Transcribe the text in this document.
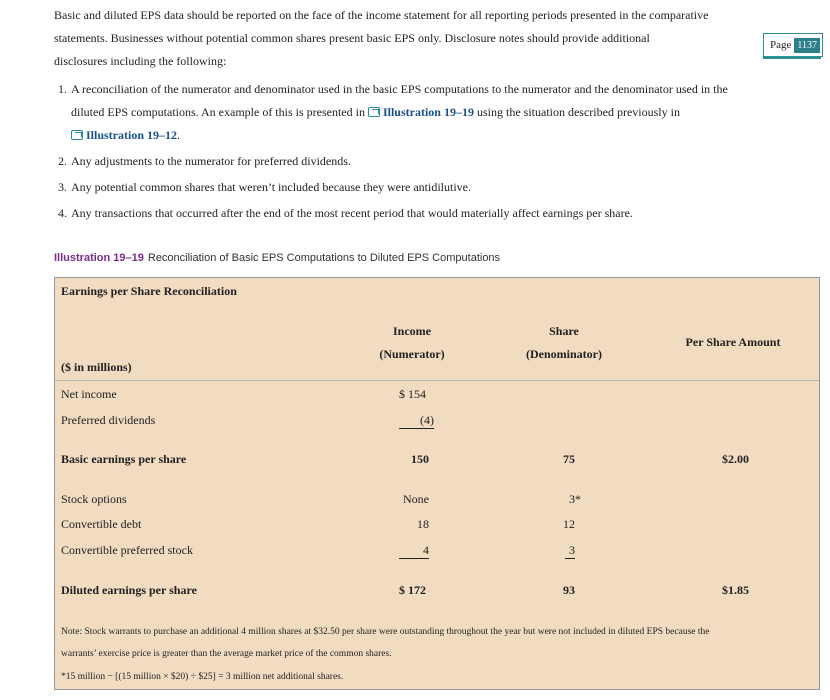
Basic and diluted EPS data should be reported on the face of the income statement for all reporting periods presented in the comparative
statements. Businesses without potential common shares present basic EPS only. Disclosure notes should provide additional
disclosures including the following:
Page 1137
1. A reconciliation of the numerator and denominator used in the basic EPS computations to the numerator and the denominator used in the
diluted EPS computations. An example of this is presented in Illustration 19–19 using the situation described previously in
Illustration 19–12.
2. Any adjustments to the numerator for preferred dividends.
3. Any potential common shares that weren’t included because they were antidilutive.
4. Any transactions that occurred after the end of the most recent period that would materially affect earnings per share.
Illustration 19–19 Reconciliation of Basic EPS Computations to Diluted EPS Computations
Earnings per Share Reconciliation
Income
(Numerator)
Share
(Denominator)
Per Share Amount
($ in millions)
Net income	$ 154
Preferred dividends	(4)
Basic earnings per share	150	75	$2.00
Stock options	None	3*
Convertible debt	18	12
Convertible preferred stock	4	3
Diluted earnings per share	$ 172	93	$1.85
Note: Stock warrants to purchase an additional 4 million shares at $32.50 per share were outstanding throughout the year but were not included in diluted EPS because the
warrants’ exercise price is greater than the average market price of the common shares.
*15 million − [(15 million × $20) ÷ $25] = 3 million net additional shares.
